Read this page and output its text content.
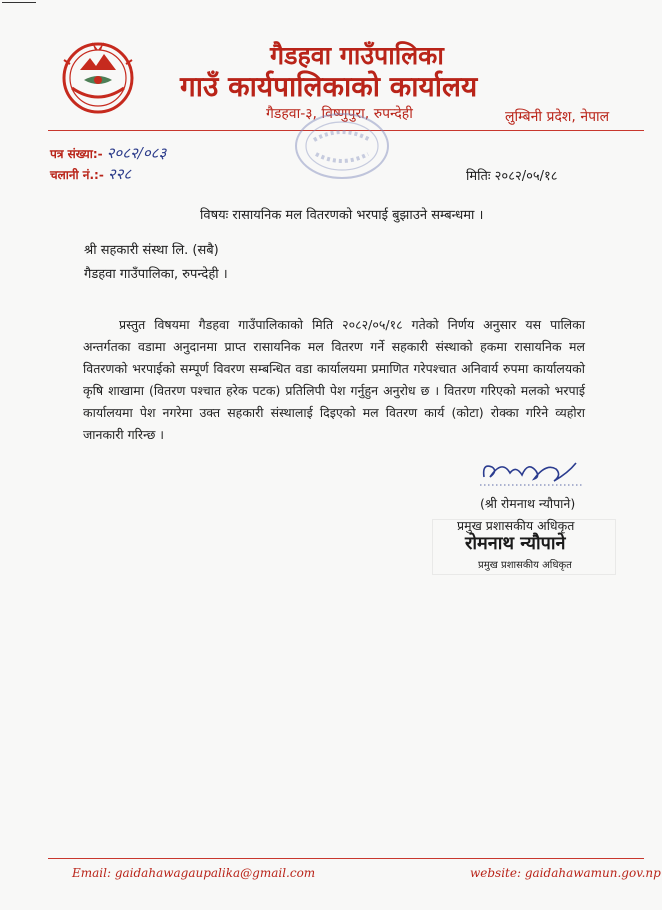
गैडहवा गाउँपालिका
गाउँ कार्यपालिकाको कार्यालय
गैडहवा-३, विष्णुपुरा, रुपन्देही	लुम्बिनी प्रदेश, नेपाल
पत्र संख्या:- २०८२/०८३
चलानी नं.:- २२८	मितिः २०८२/०५/१८
विषयः रासायनिक मल वितरणको भरपाई बुझाउने सम्बन्धमा ।
श्री सहकारी संस्था लि. (सबै)
गैडहवा गाउँपालिका, रुपन्देही ।
प्रस्तुत विषयमा गैडहवा गाउँपालिकाको मिति २०८२/०५/१८ गतेको निर्णय अनुसार यस पालिका अन्तर्गतका वडामा अनुदानमा प्राप्त रासायनिक मल वितरण गर्ने सहकारी संस्थाको हकमा रासायनिक मल वितरणको भरपाईको सम्पूर्ण विवरण सम्बन्धित वडा कार्यालयमा प्रमाणित गरेपश्चात अनिवार्य रुपमा कार्यालयको कृषि शाखामा (वितरण पश्चात हरेक पटक) प्रतिलिपी पेश गर्नुहुन अनुरोध छ । वितरण गरिएको मलको भरपाई कार्यालयमा पेश नगरेमा उक्त सहकारी संस्थालाई दिइएको मल वितरण कार्य (कोटा) रोक्का गरिने व्यहोरा जानकारी गरिन्छ ।
(श्री रोमनाथ न्यौपाने)
प्रमुख प्रशासकीय अधिकृत
रोमनाथ न्यौपाने
प्रमुख प्रशासकीय अधिकृत
Email: gaidahawagaupalika@gmail.com	website: gaidahawamun.gov.np
